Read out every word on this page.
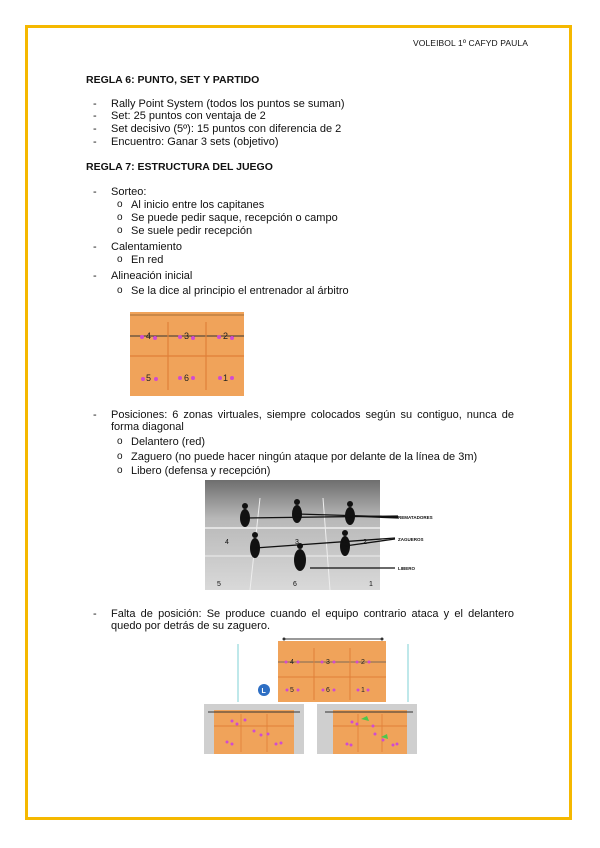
VOLEIBOL 1º CAFYD PAULA
REGLA 6: PUNTO, SET Y PARTIDO
- Rally Point System (todos los puntos se suman)
- Set: 25 puntos con ventaja de 2
- Set decisivo (5º): 15 puntos con diferencia de 2
- Encuentro: Ganar 3 sets (objetivo)
REGLA 7: ESTRUCTURA DEL JUEGO
- Sorteo:
o Al inicio entre los capitanes
o Se puede pedir saque, recepción o campo
o Se suele pedir recepción
- Calentamiento
o En red
- Alineación inicial
o Se la dice al principio el entrenador al árbitro
4	3	2
5	6	1
- Posiciones: 6 zonas virtuales, siempre colocados según su contiguo, nunca de forma diagonal
o Delantero (red)
o Zaguero (no puede hacer ningún ataque por delante de la línea de 3m)
o Libero (defensa y recepción)
4	3	2
5	6	1
REMATADORES
ZAGUEROS
LIBERO
- Falta de posición: Se produce cuando el equipo contrario ataca y el delantero quedo por detrás de su zaguero.
4	3	2
5	6	1
L
